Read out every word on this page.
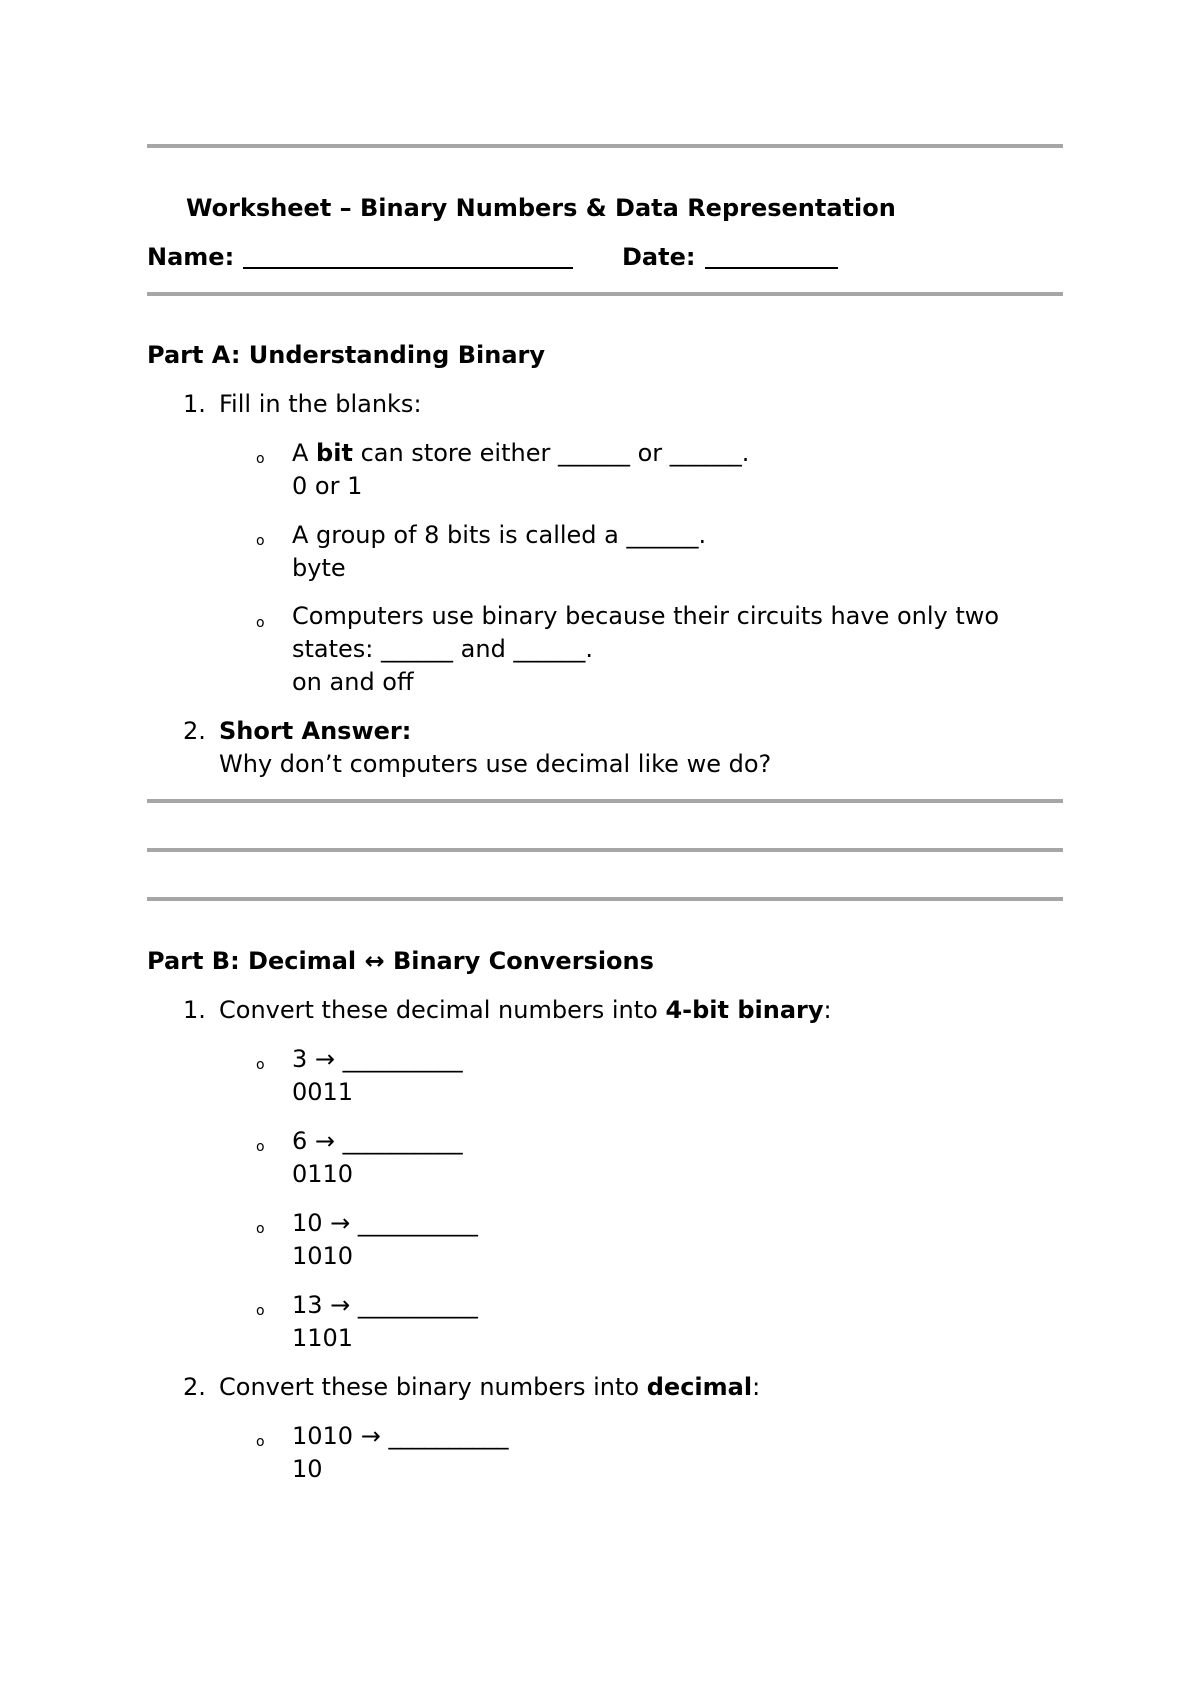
Worksheet – Binary Numbers & Data Representation
Name:	Date:
Part A: Understanding Binary
1. Fill in the blanks:
o A bit can store either ______ or ______.
0 or 1
o A group of 8 bits is called a ______.
byte
o Computers use binary because their circuits have only two
states: ______ and ______.
on and off
2. Short Answer:
Why don’t computers use decimal like we do?
Part B: Decimal ↔ Binary Conversions
1. Convert these decimal numbers into 4-bit binary:
o 3 → __________
0011
o 6 → __________
0110
o 10 → __________
1010
o 13 → __________
1101
2. Convert these binary numbers into decimal:
o 1010 → __________
10
